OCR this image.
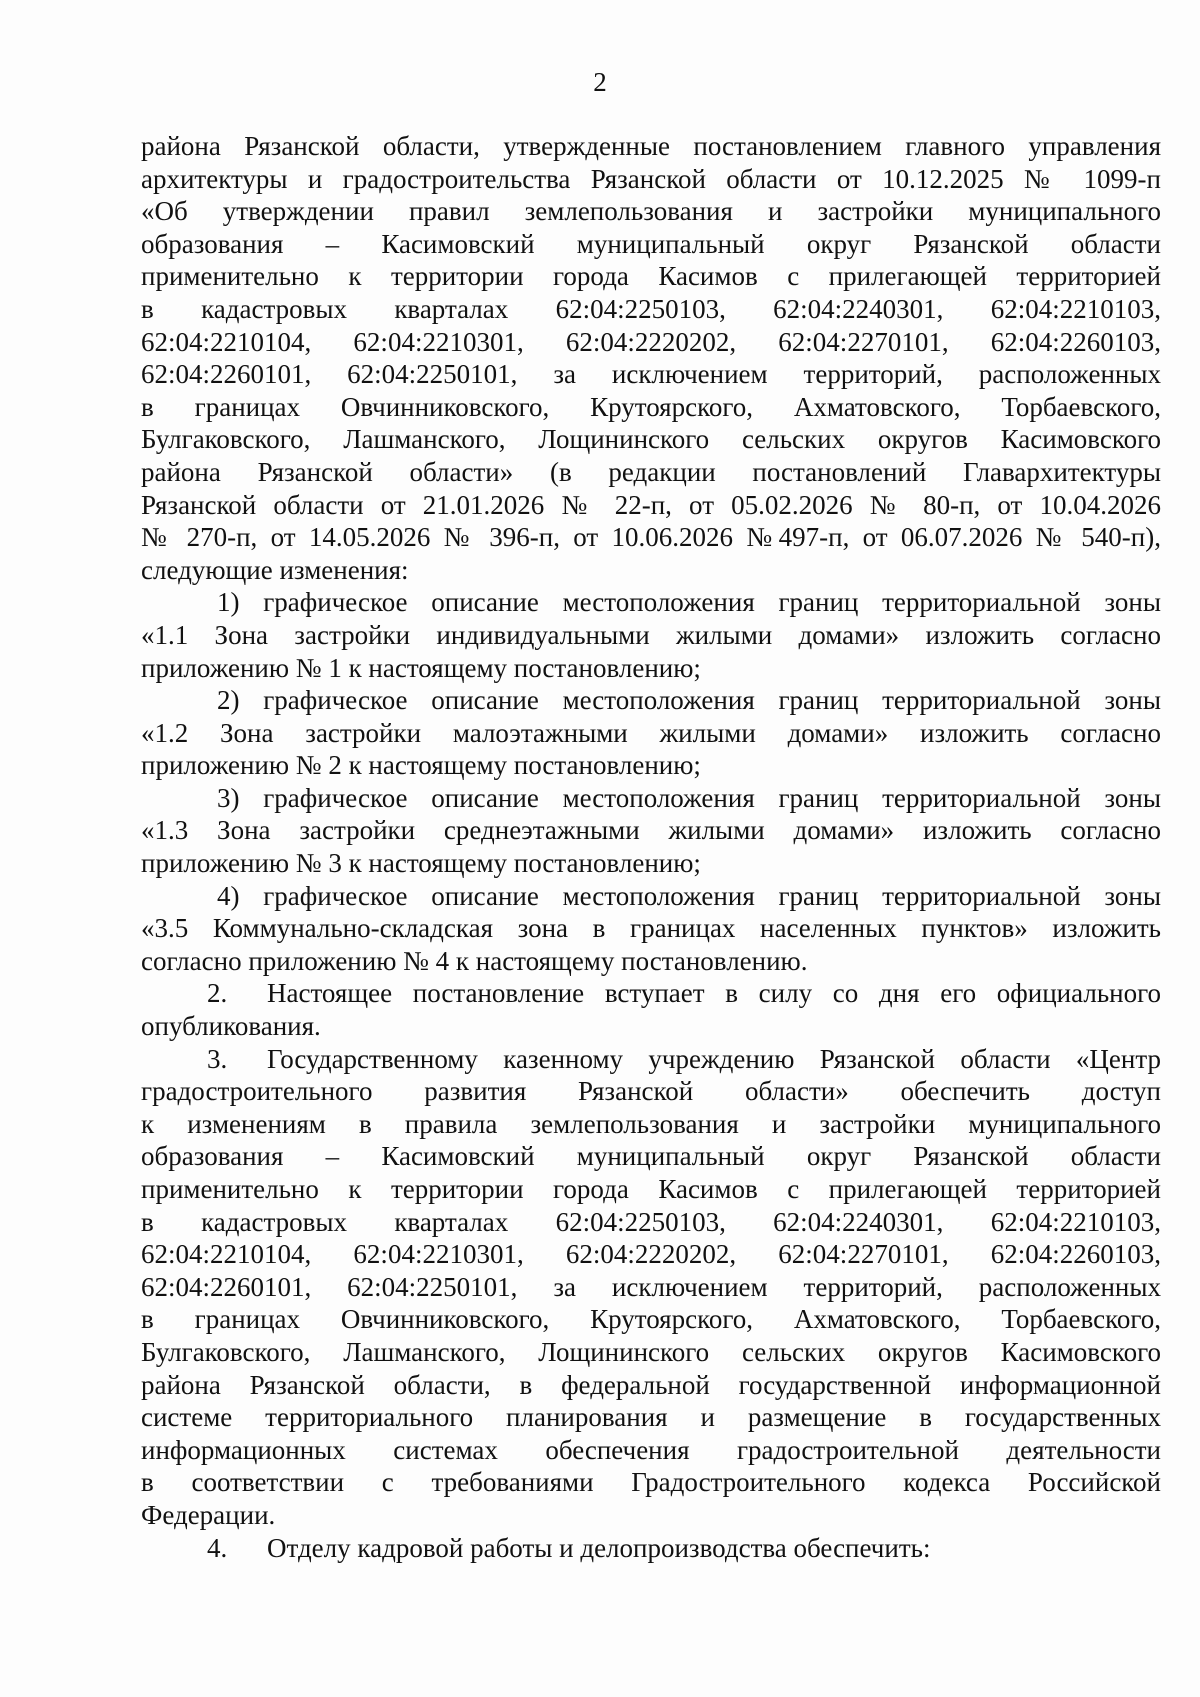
2
района Рязанской области, утвержденные постановлением главного управления
архитектуры и градостроительства Рязанской области от 10.12.2025 № 1099-п
«Об утверждении правил землепользования и застройки муниципального
образования – Касимовский муниципальный округ Рязанской области
применительно к территории города Касимов с прилегающей территорией
в кадастровых кварталах 62:04:2250103, 62:04:2240301, 62:04:2210103,
62:04:2210104, 62:04:2210301, 62:04:2220202, 62:04:2270101, 62:04:2260103,
62:04:2260101, 62:04:2250101, за исключением территорий, расположенных
в границах Овчинниковского, Крутоярского, Ахматовского, Торбаевского,
Булгаковского, Лашманского, Лощининского сельских округов Касимовского
района Рязанской области» (в редакции постановлений Главархитектуры
Рязанской области от 21.01.2026 № 22-п, от 05.02.2026 № 80-п, от 10.04.2026
№ 270-п, от 14.05.2026 № 396-п, от 10.06.2026 №497-п, от 06.07.2026 № 540-п),
следующие изменения:
1) графическое описание местоположения границ территориальной зоны
«1.1 Зона застройки индивидуальными жилыми домами» изложить согласно
приложению № 1 к настоящему постановлению;
2) графическое описание местоположения границ территориальной зоны
«1.2 Зона застройки малоэтажными жилыми домами» изложить согласно
приложению № 2 к настоящему постановлению;
3) графическое описание местоположения границ территориальной зоны
«1.3 Зона застройки среднеэтажными жилыми домами» изложить согласно
приложению № 3 к настоящему постановлению;
4) графическое описание местоположения границ территориальной зоны
«3.5 Коммунально-складская зона в границах населенных пунктов» изложить
согласно приложению № 4 к настоящему постановлению.
2. Настоящее постановление вступает в силу со дня его официального
опубликования.
3. Государственному казенному учреждению Рязанской области «Центр
градостроительного развития Рязанской области» обеспечить доступ
к изменениям в правила землепользования и застройки муниципального
образования – Касимовский муниципальный округ Рязанской области
применительно к территории города Касимов с прилегающей территорией
в кадастровых кварталах 62:04:2250103, 62:04:2240301, 62:04:2210103,
62:04:2210104, 62:04:2210301, 62:04:2220202, 62:04:2270101, 62:04:2260103,
62:04:2260101, 62:04:2250101, за исключением территорий, расположенных
в границах Овчинниковского, Крутоярского, Ахматовского, Торбаевского,
Булгаковского, Лашманского, Лощининского сельских округов Касимовского
района Рязанской области, в федеральной государственной информационной
системе территориального планирования и размещение в государственных
информационных системах обеспечения градостроительной деятельности
в соответствии с требованиями Градостроительного кодекса Российской
Федерации.
4. Отделу кадровой работы и делопроизводства обеспечить:
